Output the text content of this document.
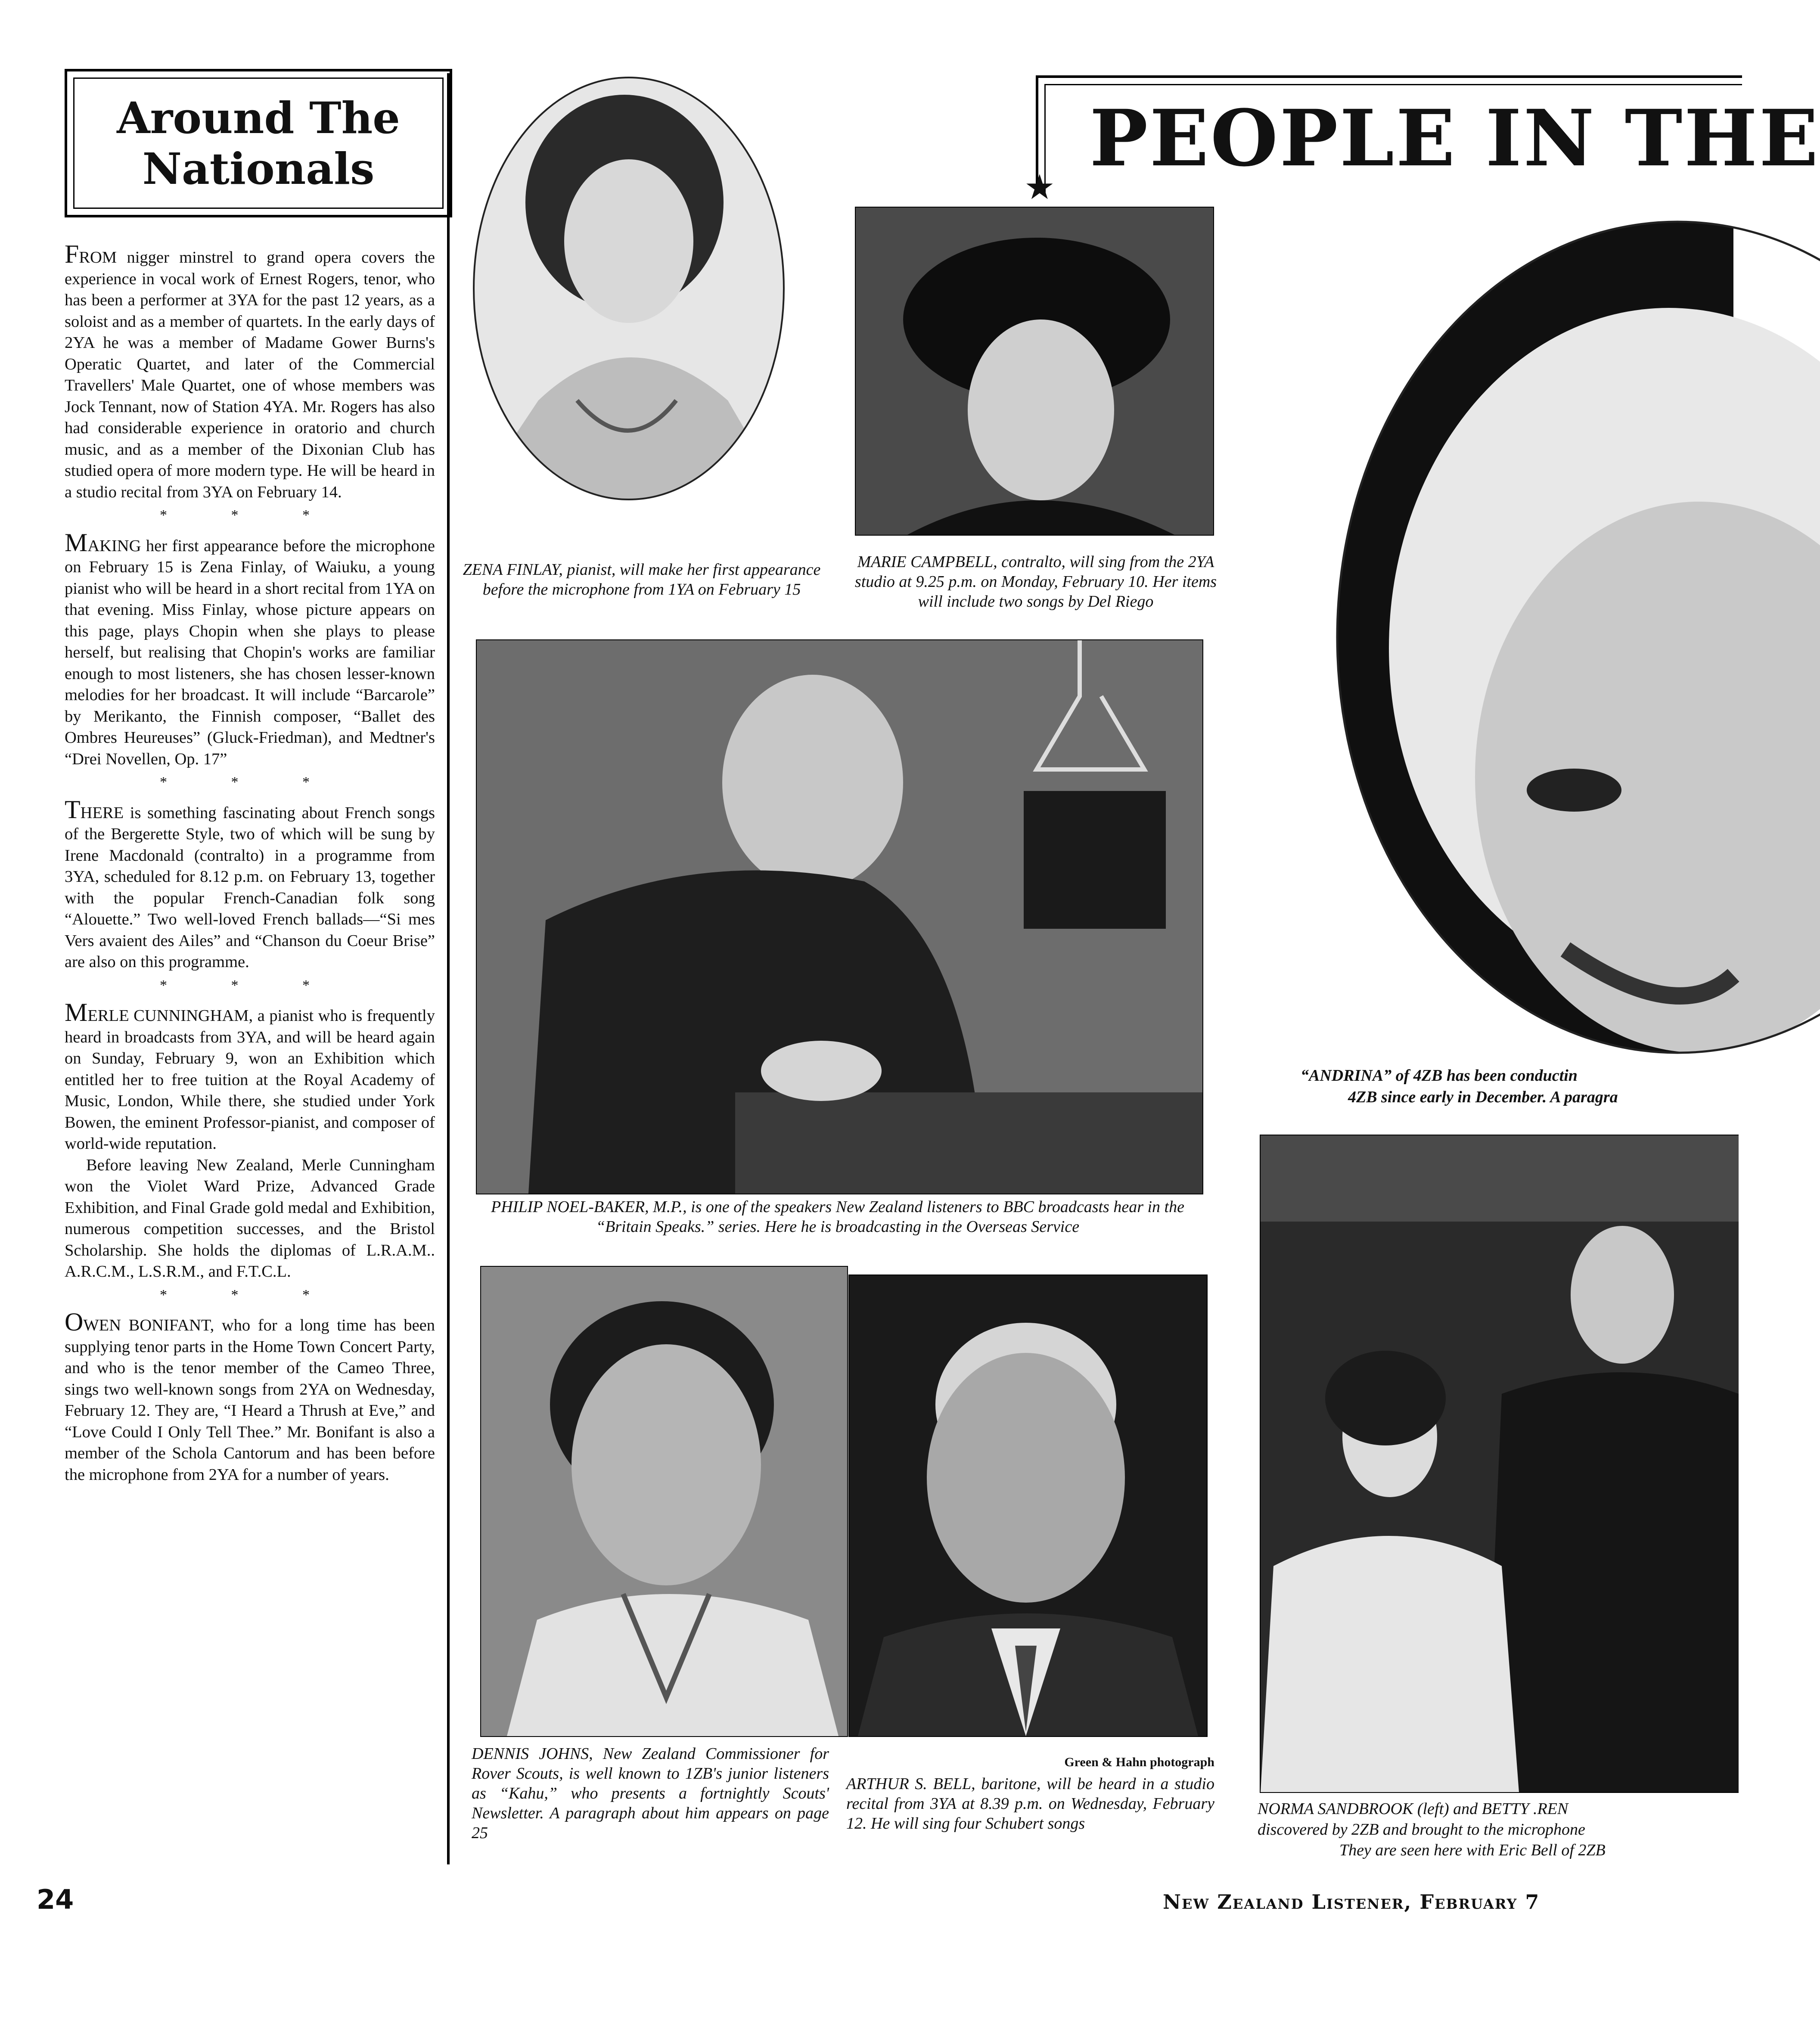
Around The
Nationals

FROM nigger minstrel to grand opera covers the experience in vocal work of Ernest Rogers, tenor, who has been a performer at 3YA for the past 12 years, as a soloist and as a member of quartets. In the early days of 2YA he was a member of Madame Gower Burns's Operatic Quartet, and later of the Commercial Travellers' Male Quartet, one of whose members was Jock Tennant, now of Station 4YA. Mr. Rogers has also had considerable experience in oratorio and church music, and as a member of the Dixonian Club has studied opera of more modern type. He will be heard in a studio recital from 3YA on February 14.

* * *

MAKING her first appearance before the microphone on February 15 is Zena Finlay, of Waiuku, a young pianist who will be heard in a short recital from 1YA on that evening. Miss Finlay, whose picture appears on this page, plays Chopin when she plays to please herself, but realising that Chopin's works are familiar enough to most listeners, she has chosen lesser-known melodies for her broadcast. It will include “Barcarole” by Merikanto, the Finnish composer, “Ballet des Ombres Heureuses” (Gluck-Friedman), and Medtner's “Drei Novellen, Op. 17”

* * *

THERE is something fascinating about French songs of the Bergerette Style, two of which will be sung by Irene Macdonald (contralto) in a programme from 3YA, scheduled for 8.12 p.m. on February 13, together with the popular French-Canadian folk song “Alouette.” Two well-loved French ballads—“Si mes Vers avaient des Ailes” and “Chanson du Coeur Brise” are also on this programme.

* * *

MERLE CUNNINGHAM, a pianist who is frequently heard in broadcasts from 3YA, and will be heard again on Sunday, February 9, won an Exhibition which entitled her to free tuition at the Royal Academy of Music, London, While there, she studied under York Bowen, the eminent Professor-pianist, and composer of world-wide reputation.

Before leaving New Zealand, Merle Cunningham won the Violet Ward Prize, Advanced Grade Exhibition, and Final Grade gold medal and Exhibition, numerous competition successes, and the Bristol Scholarship. She holds the diplomas of L.R.A.M.. A.R.C.M., L.S.R.M., and F.T.C.L.

* * *

OWEN BONIFANT, who for a long time has been supplying tenor parts in the Home Town Concert Party, and who is the tenor member of the Cameo Three, sings two well-known songs from 2YA on Wednesday, February 12. They are, “I Heard a Thrush at Eve,” and “Love Could I Only Tell Thee.” Mr. Bonifant is also a member of the Schola Cantorum and has been before the microphone from 2YA for a number of years.

ZENA FINLAY, pianist, will make her first appearance before the microphone from 1YA on February 15
MARIE CAMPBELL, contralto, will sing from the 2YA studio at 9.25 p.m. on Monday, February 10. Her items will include two songs by Del Riego
PHILIP NOEL-BAKER, M.P., is one of the speakers New Zealand listeners to BBC broadcasts hear in the “Britain Speaks.” series. Here he is broadcasting in the Overseas Service
DENNIS JOHNS, New Zealand Commissioner for Rover Scouts, is well known to 1ZB's junior listeners as “Kahu,” who presents a fortnightly Scouts' Newsletter. A paragraph about him appears on page 25
Green & Hahn photograph
ARTHUR S. BELL, baritone, will be heard in a studio recital from 3YA at 8.39 p.m. on Wednesday, February 12. He will sing four Schubert songs
PEOPLE IN THE
★
“ANDRINA” of 4ZB has been conductin
4ZB since early in December. A paragra
NORMA SANDBROOK (left) and BETTY .REN
discovered by 2ZB and brought to the microphone
They are seen here with Eric Bell of 2ZB
24	New Zealand Listener, February 7
